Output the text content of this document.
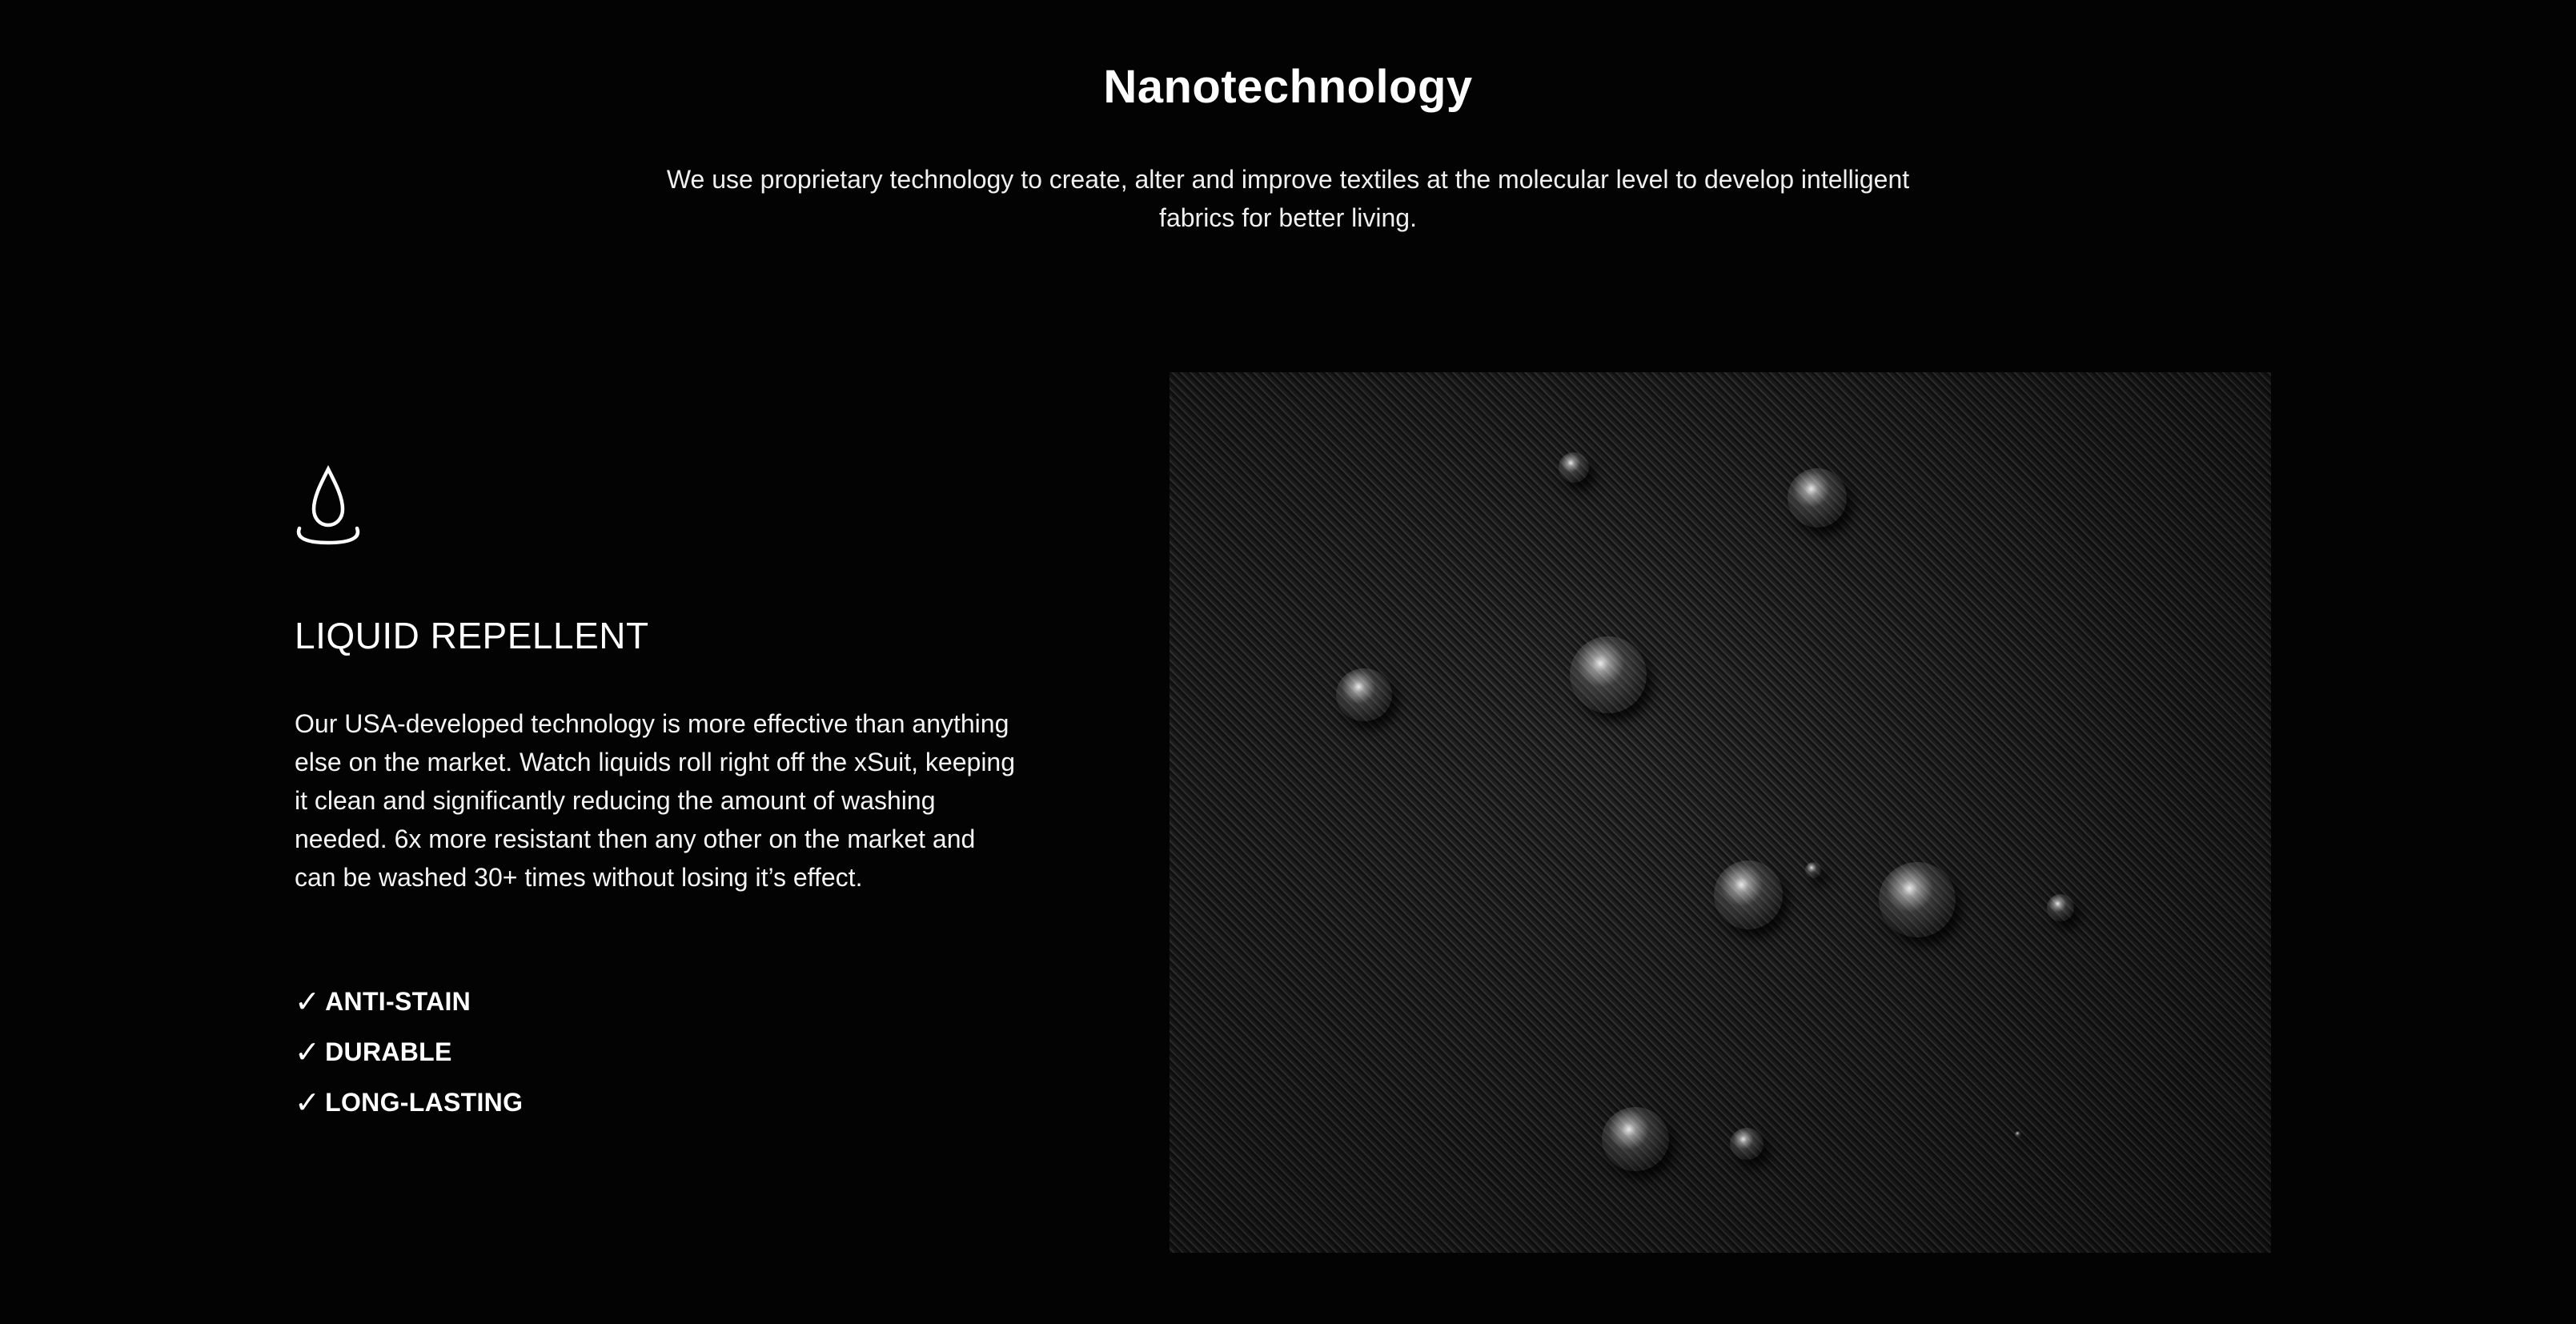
Nanotechnology

We use proprietary technology to create, alter and improve textiles at the molecular level to develop intelligent fabrics for better living.

LIQUID REPELLENT

Our USA-developed technology is more effective than anything else on the market. Watch liquids roll right off the xSuit, keeping it clean and significantly reducing the amount of washing needed. 6x more resistant then any other on the market and can be washed 30+ times without losing it’s effect.

✓ ANTI-STAIN
✓ DURABLE
✓ LONG-LASTING
